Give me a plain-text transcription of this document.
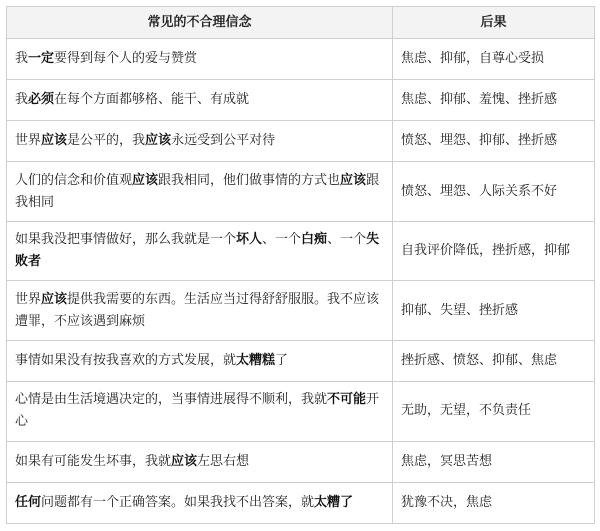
常见的不合理信念	后果
我一定要得到每个人的爱与赞赏	焦虑、抑郁，自尊心受损
我必须在每个方面都够格、能干、有成就	焦虑、抑郁、羞愧、挫折感
世界应该是公平的，我应该永远受到公平对待	愤怒、埋怨、抑郁、挫折感
人们的信念和价值观应该跟我相同，他们做事情的方式也应该跟我相同	愤怒、埋怨、人际关系不好
如果我没把事情做好，那么我就是一个坏人、一个白痴、一个失败者	自我评价降低，挫折感，抑郁
世界应该提供我需要的东西。生活应当过得舒舒服服。我不应该遭罪，不应该遇到麻烦	抑郁、失望、挫折感
事情如果没有按我喜欢的方式发展，就太糟糕了	挫折感、愤怒、抑郁、焦虑
心情是由生活境遇决定的，当事情进展得不顺利，我就不可能开心	无助，无望，不负责任
如果有可能发生坏事，我就应该左思右想	焦虑，冥思苦想
任何问题都有一个正确答案。如果我找不出答案，就太糟了	犹豫不决，焦虑
